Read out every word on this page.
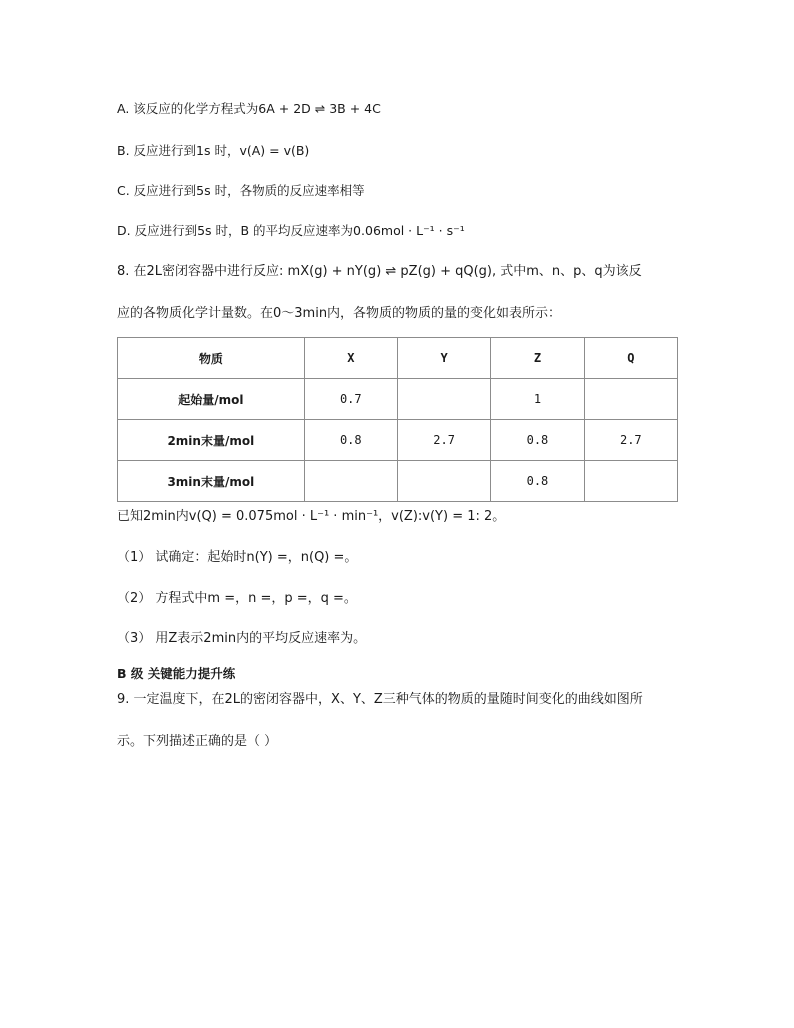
A. 该反应的化学方程式为6A + 2D ⇌ 3B + 4C
B. 反应进行到1s 时，v(A) = v(B)
C. 反应进行到5s 时，各物质的反应速率相等
D. 反应进行到5s 时，B 的平均反应速率为0.06mol · L⁻¹ · s⁻¹
8. 在2L密闭容器中进行反应: mX(g) + nY(g) ⇌ pZ(g) + qQ(g), 式中m、n、p、q为该反
应的各物质化学计量数。在0～3min内，各物质的物质的量的变化如表所示：
物质	X	Y	Z	Q
起始量/mol	0.7		1	
2min末量/mol	0.8	2.7	0.8	2.7
3min末量/mol			0.8	
已知2min内v(Q) = 0.075mol · L⁻¹ · min⁻¹，v(Z):v(Y) = 1: 2。
（1） 试确定：起始时n(Y) =，n(Q) =。
（2） 方程式中m =，n =，p =，q =。
（3） 用Z表示2min内的平均反应速率为。
B 级 关键能力提升练
9. 一定温度下，在2L的密闭容器中，X、Y、Z三种气体的物质的量随时间变化的曲线如图所
示。下列描述正确的是（ ）
